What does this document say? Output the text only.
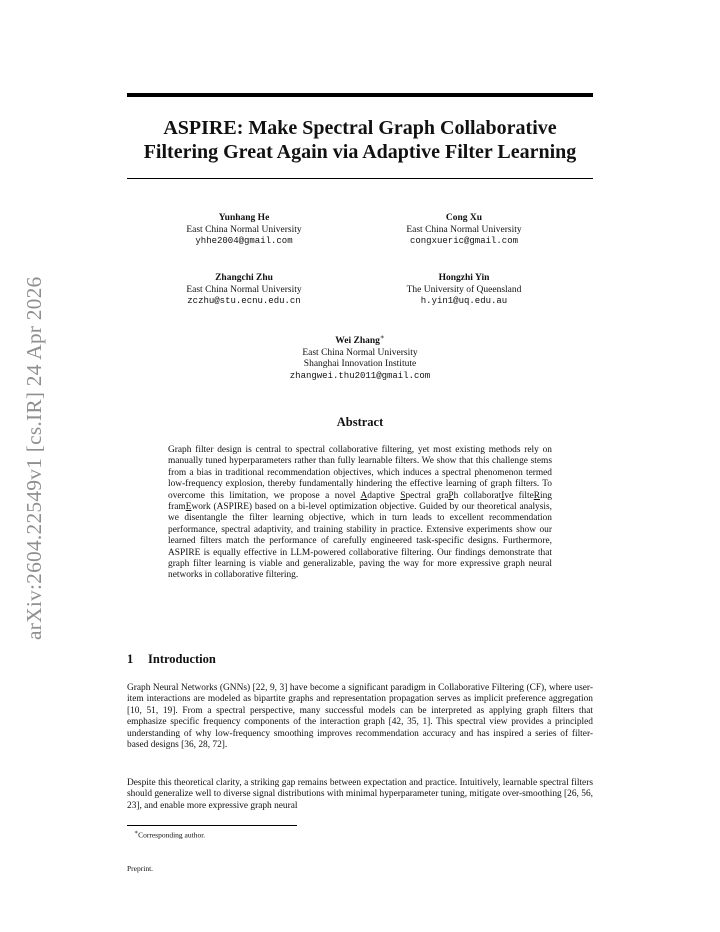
arXiv:2604.22549v1 [cs.IR] 24 Apr 2026
ASPIRE: Make Spectral Graph Collaborative
Filtering Great Again via Adaptive Filter Learning
Yunhang He
East China Normal University
yhhe2004@gmail.com
Cong Xu
East China Normal University
congxueric@gmail.com
Zhangchi Zhu
East China Normal University
zczhu@stu.ecnu.edu.cn
Hongzhi Yin
The University of Queensland
h.yin1@uq.edu.au
Wei Zhang∗
East China Normal University
Shanghai Innovation Institute
zhangwei.thu2011@gmail.com
Abstract
Graph filter design is central to spectral collaborative filtering, yet most existing methods rely on manually tuned hyperparameters rather than fully learnable filters. We show that this challenge stems from a bias in traditional recommendation objectives, which induces a spectral phenomenon termed low-frequency explosion, thereby fundamentally hindering the effective learning of graph filters. To overcome this limitation, we propose a novel Adaptive Spectral graPh collaboratIve filteRing framEwork (ASPIRE) based on a bi-level optimization objective. Guided by our theoretical analysis, we disentangle the filter learning objective, which in turn leads to excellent recommendation performance, spectral adaptivity, and training stability in practice. Extensive experiments show our learned filters match the performance of carefully engineered task-specific designs. Furthermore, ASPIRE is equally effective in LLM-powered collaborative filtering. Our findings demonstrate that graph filter learning is viable and generalizable, paving the way for more expressive graph neural networks in collaborative filtering.
1 Introduction
Graph Neural Networks (GNNs) [22, 9, 3] have become a significant paradigm in Collaborative Filtering (CF), where user-item interactions are modeled as bipartite graphs and representation propagation serves as implicit preference aggregation [10, 51, 19]. From a spectral perspective, many successful models can be interpreted as applying graph filters that emphasize specific frequency components of the interaction graph [42, 35, 1]. This spectral view provides a principled understanding of why low-frequency smoothing improves recommendation accuracy and has inspired a series of filter-based designs [36, 28, 72].
Despite this theoretical clarity, a striking gap remains between expectation and practice. Intuitively, learnable spectral filters should generalize well to diverse signal distributions with minimal hyperparameter tuning, mitigate over-smoothing [26, 56, 23], and enable more expressive graph neural
∗Corresponding author.
Preprint.
